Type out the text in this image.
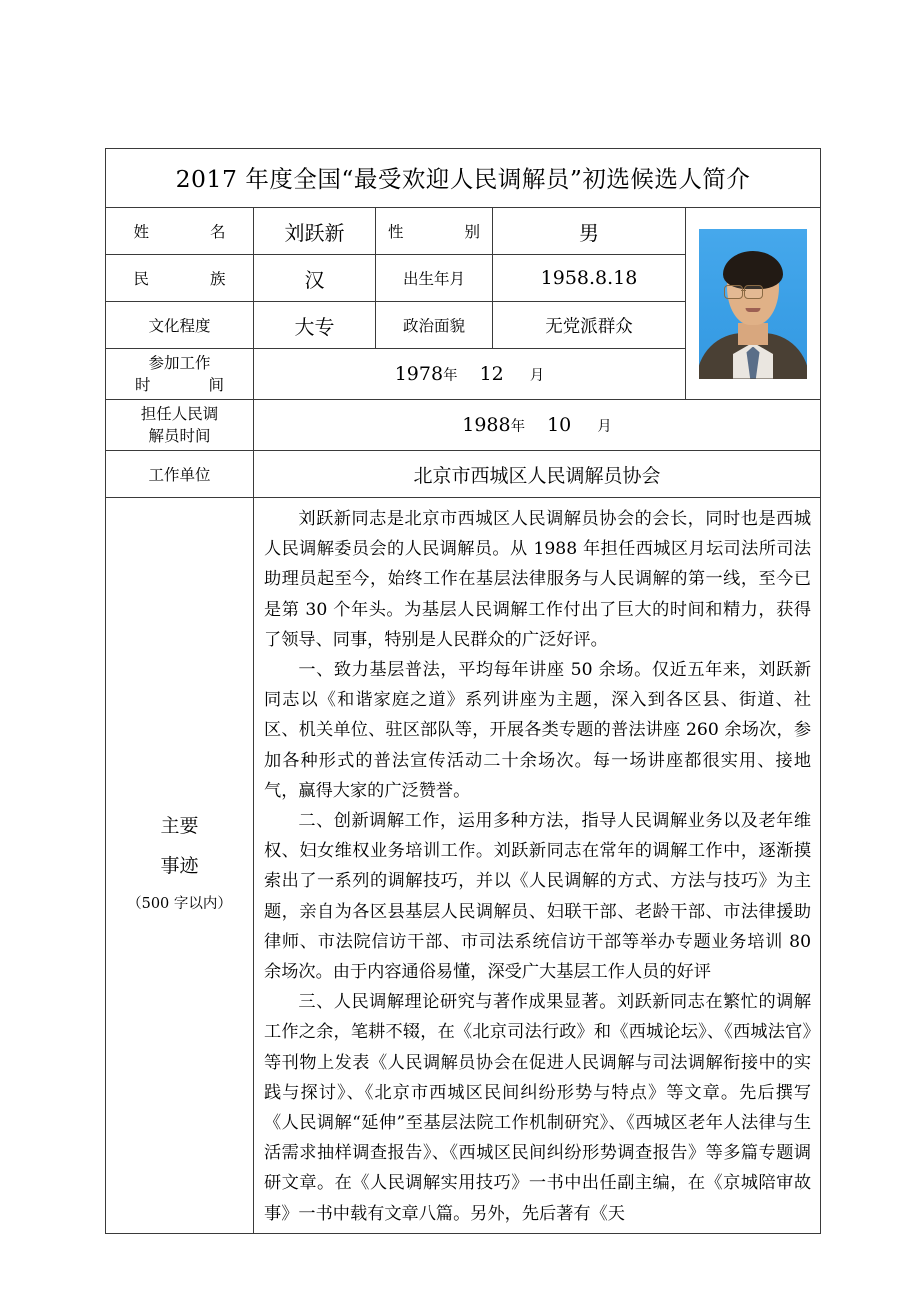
2017 年度全国“最受欢迎人民调解员”初选候选人简介				
姓　　名	刘跃新	性　　别	男	

民　　族	汉	出生年月	1958.8.18	
文化程度	大专	政治面貌	无党派群众	

参加工作
时　　间	1978年 12 月			

担任人民调
解员时间	1988年 10 月			
工作单位	北京市西城区人民调解员协会			

主要
事迹
（500 字以内）

刘跃新同志是北京市西城区人民调解员协会的会长，同时也是西城人民调解委员会的人民调解员。从 1988 年担任西城区月坛司法所司法助理员起至今，始终工作在基层法律服务与人民调解的第一线，至今已是第 30 个年头。为基层人民调解工作付出了巨大的时间和精力，获得了领导、同事，特别是人民群众的广泛好评。

一、致力基层普法，平均每年讲座 50 余场。仅近五年来，刘跃新同志以《和谐家庭之道》系列讲座为主题，深入到各区县、街道、社区、机关单位、驻区部队等，开展各类专题的普法讲座 260 余场次，参加各种形式的普法宣传活动二十余场次。每一场讲座都很实用、接地气，赢得大家的广泛赞誉。

二、创新调解工作，运用多种方法，指导人民调解业务以及老年维权、妇女维权业务培训工作。刘跃新同志在常年的调解工作中，逐渐摸索出了一系列的调解技巧，并以《人民调解的方式、方法与技巧》为主题，亲自为各区县基层人民调解员、妇联干部、老龄干部、市法律援助律师、市法院信访干部、市司法系统信访干部等举办专题业务培训 80 余场次。由于内容通俗易懂，深受广大基层工作人员的好评

三、人民调解理论研究与著作成果显著。刘跃新同志在繁忙的调解工作之余，笔耕不辍，在《北京司法行政》和《西城论坛》、《西城法官》等刊物上发表《人民调解员协会在促进人民调解与司法调解衔接中的实践与探讨》、《北京市西城区民间纠纷形势与特点》等文章。先后撰写《人民调解“延伸”至基层法院工作机制研究》、《西城区老年人法律与生活需求抽样调查报告》、《西城区民间纠纷形势调查报告》等多篇专题调研文章。在《人民调解实用技巧》一书中出任副主编，在《京城陪审故事》一书中载有文章八篇。另外，先后著有《天
